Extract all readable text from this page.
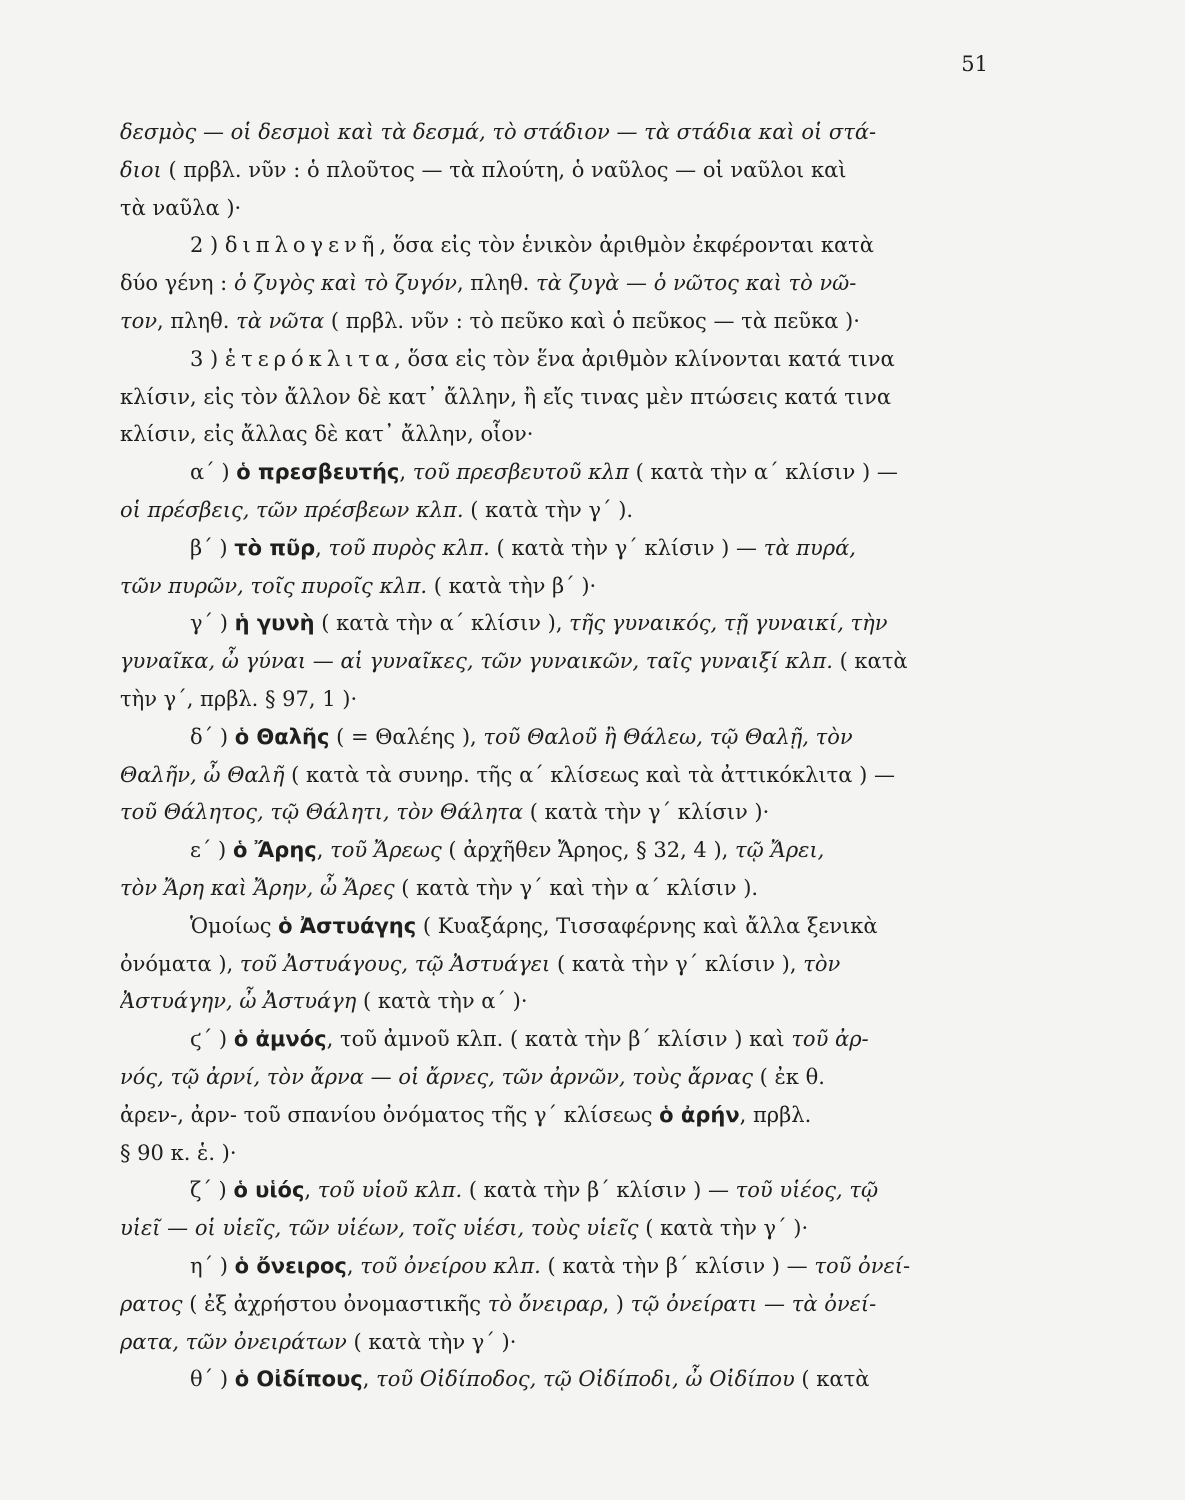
51
δεσμὸς — οἱ δεσμοὶ καὶ τὰ δεσμά, τὸ στάδιον — τὰ στάδια καὶ οἱ στά-
διοι ( πρβλ. νῦν : ὁ πλοῦτος — τὰ πλούτη, ὁ ναῦλος — οἱ ναῦλοι καὶ
τὰ ναῦλα )·
2 ) διπλογενῆ, ὅσα εἰς τὸν ἑνικὸν ἀριθμὸν ἐκφέρονται κατὰ
δύο γένη : ὁ ζυγὸς καὶ τὸ ζυγόν, πληθ. τὰ ζυγὰ — ὁ νῶτος καὶ τὸ νῶ-
τον, πληθ. τὰ νῶτα ( πρβλ. νῦν : τὸ πεῦκο καὶ ὁ πεῦκος — τὰ πεῦκα )·
3 ) ἑτερόκλιτα, ὅσα εἰς τὸν ἕνα ἀριθμὸν κλίνονται κατά τινα
κλίσιν, εἰς τὸν ἄλλον δὲ κατ᾽ ἄλλην, ἢ εἴς τινας μὲν πτώσεις κατά τινα
κλίσιν, εἰς ἄλλας δὲ κατ᾽ ἄλλην, οἷον·
α΄ ) ὁ πρεσβευτής, τοῦ πρεσβευτοῦ κλπ ( κατὰ τὴν α΄ κλίσιν ) —
οἱ πρέσβεις, τῶν πρέσβεων κλπ. ( κατὰ τὴν γ΄ ).
β΄ ) τὸ πῦρ, τοῦ πυρὸς κλπ. ( κατὰ τὴν γ΄ κλίσιν ) — τὰ πυρά,
τῶν πυρῶν, τοῖς πυροῖς κλπ. ( κατὰ τὴν β΄ )·
γ΄ ) ἡ γυνὴ ( κατὰ τὴν α΄ κλίσιν ), τῆς γυναικός, τῇ γυναικί, τὴν
γυναῖκα, ὦ γύναι — αἱ γυναῖκες, τῶν γυναικῶν, ταῖς γυναιξί κλπ. ( κατὰ
τὴν γ΄, πρβλ. § 97, 1 )·
δ΄ ) ὁ Θαλῆς ( = Θαλέης ), τοῦ Θαλοῦ ἢ Θάλεω, τῷ Θαλῇ, τὸν
Θαλῆν, ὦ Θαλῆ ( κατὰ τὰ συνηρ. τῆς α΄ κλίσεως καὶ τὰ ἀττικόκλιτα ) —
τοῦ Θάλητος, τῷ Θάλητι, τὸν Θάλητα ( κατὰ τὴν γ΄ κλίσιν )·
ε΄ ) ὁ Ἄρης, τοῦ Ἄρεως ( ἀρχῆθεν Ἄρηος, § 32, 4 ), τῷ Ἄρει,
τὸν Ἄρη καὶ Ἄρην, ὦ Ἄρες ( κατὰ τὴν γ΄ καὶ τὴν α΄ κλίσιν ).
Ὁμοίως ὁ Ἀστυάγης ( Κυαξάρης, Τισσαφέρνης καὶ ἄλλα ξενικὰ
ὀνόματα ), τοῦ Ἀστυάγους, τῷ Ἀστυάγει ( κατὰ τὴν γ΄ κλίσιν ), τὸν
Ἀστυάγην, ὦ Ἀστυάγη ( κατὰ τὴν α΄ )·
ϛ΄ ) ὁ ἀμνός, τοῦ ἀμνοῦ κλπ. ( κατὰ τὴν β΄ κλίσιν ) καὶ τοῦ ἀρ-
νός, τῷ ἀρνί, τὸν ἄρνα — οἱ ἄρνες, τῶν ἀρνῶν, τοὺς ἄρνας ( ἐκ θ.
ἀρεν-, ἀρν- τοῦ σπανίου ὀνόματος τῆς γ΄ κλίσεως ὁ ἀρήν, πρβλ.
§ 90 κ. ἑ. )·
ζ΄ ) ὁ υἱός, τοῦ υἱοῦ κλπ. ( κατὰ τὴν β΄ κλίσιν ) — τοῦ υἱέος, τῷ
υἱεῖ — οἱ υἱεῖς, τῶν υἱέων, τοῖς υἱέσι, τοὺς υἱεῖς ( κατὰ τὴν γ΄ )·
η΄ ) ὁ ὄνειρος, τοῦ ὀνείρου κλπ. ( κατὰ τὴν β΄ κλίσιν ) — τοῦ ὀνεί-
ρατος ( ἐξ ἀχρήστου ὀνομαστικῆς τὸ ὄνειραρ, ) τῷ ὀνείρατι — τὰ ὀνεί-
ρατα, τῶν ὀνειράτων ( κατὰ τὴν γ΄ )·
θ΄ ) ὁ Οἰδίπους, τοῦ Οἰδίποδος, τῷ Οἰδίποδι, ὦ Οἰδίπου ( κατὰ
